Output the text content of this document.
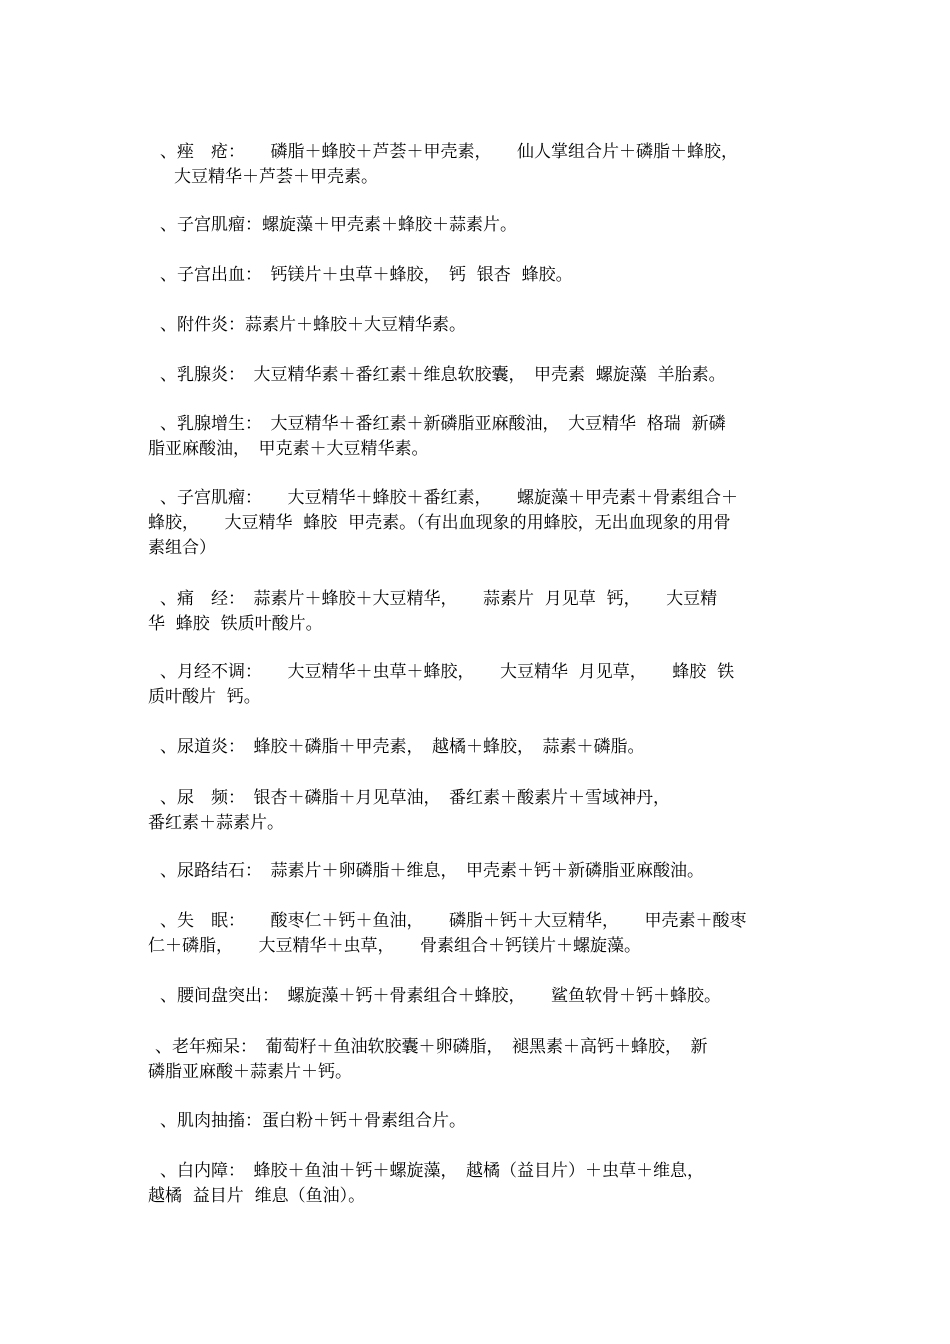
、痤　疮：　　磷脂＋蜂胶＋芦荟＋甲壳素，　　仙人掌组合片＋磷脂＋蜂胶，
大豆精华＋芦荟＋甲壳素。
、子宫肌瘤：螺旋藻＋甲壳素＋蜂胶＋蒜素片。
、子宫出血：　钙镁片＋虫草＋蜂胶，　钙  银杏  蜂胶。
、附件炎：蒜素片＋蜂胶＋大豆精华素。
、乳腺炎：　大豆精华素＋番红素＋维息软胶囊，　甲壳素  螺旋藻  羊胎素。
、乳腺增生：　大豆精华＋番红素＋新磷脂亚麻酸油，　大豆精华  格瑞  新磷
脂亚麻酸油，　甲克素＋大豆精华素。
、子宫肌瘤：　　大豆精华＋蜂胶＋番红素，　　螺旋藻＋甲壳素＋骨素组合＋
蜂胶，　　大豆精华  蜂胶  甲壳素。（有出血现象的用蜂胶，无出血现象的用骨
素组合）
、痛　经：　蒜素片＋蜂胶＋大豆精华，　　蒜素片  月见草  钙，　　大豆精
华  蜂胶  铁质叶酸片。
、月经不调：　　大豆精华＋虫草＋蜂胶，　　大豆精华  月见草，　　蜂胶  铁
质叶酸片  钙。
、尿道炎：　蜂胶＋磷脂＋甲壳素，　越橘＋蜂胶，　蒜素＋磷脂。
、尿　频：　银杏＋磷脂＋月见草油，　番红素＋酸素片＋雪域神丹，
番红素＋蒜素片。
、尿路结石：　蒜素片＋卵磷脂＋维息，　甲壳素＋钙＋新磷脂亚麻酸油。
、失　眠：　　酸枣仁＋钙＋鱼油，　　磷脂＋钙＋大豆精华，　　甲壳素＋酸枣
仁＋磷脂，　　大豆精华＋虫草，　　骨素组合＋钙镁片＋螺旋藻。
、腰间盘突出：　螺旋藻＋钙＋骨素组合＋蜂胶，　　鲨鱼软骨＋钙＋蜂胶。
、老年痴呆：　葡萄籽＋鱼油软胶囊＋卵磷脂，　褪黑素＋高钙＋蜂胶，　新
磷脂亚麻酸＋蒜素片＋钙。
、肌肉抽搐：蛋白粉＋钙＋骨素组合片。
、白内障：　蜂胶＋鱼油＋钙＋螺旋藻，　越橘（益目片）＋虫草＋维息，
越橘  益目片  维息（鱼油）。
